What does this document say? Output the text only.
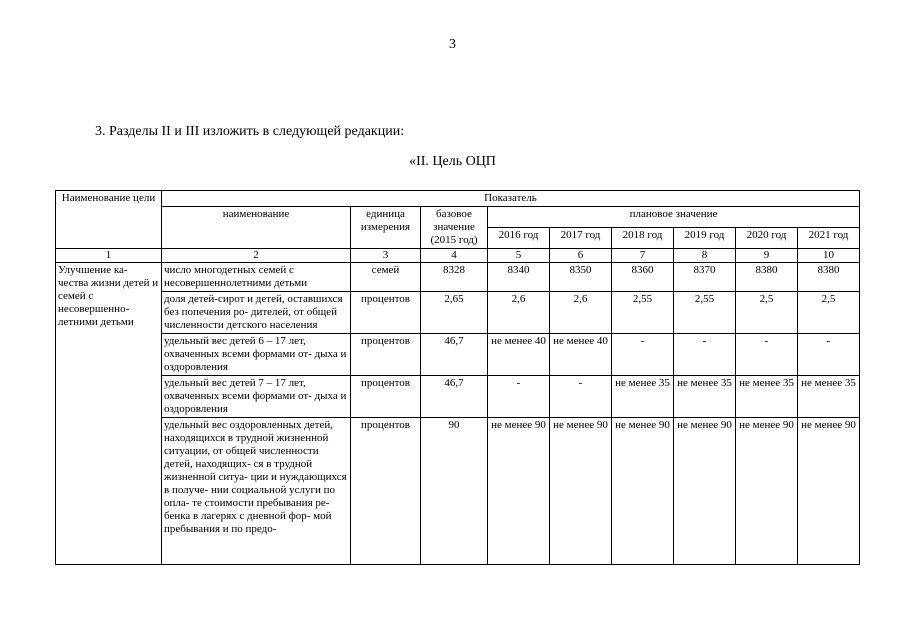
3
3. Разделы II и III изложить в следующей редакции:
«II. Цель ОЦП
Наименование цели	Показатель								
	наименование	единица измерения	базовое значение (2015 год)	плановое значение					
				2016 год	2017 год	2018 год	2019 год	2020 год	2021 год
1	2	3	4	5	6	7	8	9	10
Улучшение ка- чества жизни детей и семей с несовершенно- летними детьми	число многодетных семей с несовершеннолетними детьми	семей	8328	8340	8350	8360	8370	8380	8380
	доля детей-сирот и детей, оставшихся без попечения ро- дителей, от общей численности детского населения	процентов	2,65	2,6	2,6	2,55	2,55	2,5	2,5
	удельный вес детей 6 – 17 лет, охваченных всеми формами от- дыха и оздоровления	процентов	46,7	не менее 40	не менее 40	-	-	-	-
	удельный вес детей 7 – 17 лет, охваченных всеми формами от- дыха и оздоровления	процентов	46,7	-	-	не менее 35	не менее 35	не менее 35	не менее 35
	удельный вес оздоровленных детей, находящихся в трудной жизненной ситуации, от общей численности детей, находящих- ся в трудной жизненной ситуа- ции и нуждающихся в получе- нии социальной услуги по опла- те стоимости пребывания ре- бенка в лагерях с дневной фор- мой пребывания и по предо-	процентов	90	не менее 90	не менее 90	не менее 90	не менее 90	не менее 90	не менее 90
